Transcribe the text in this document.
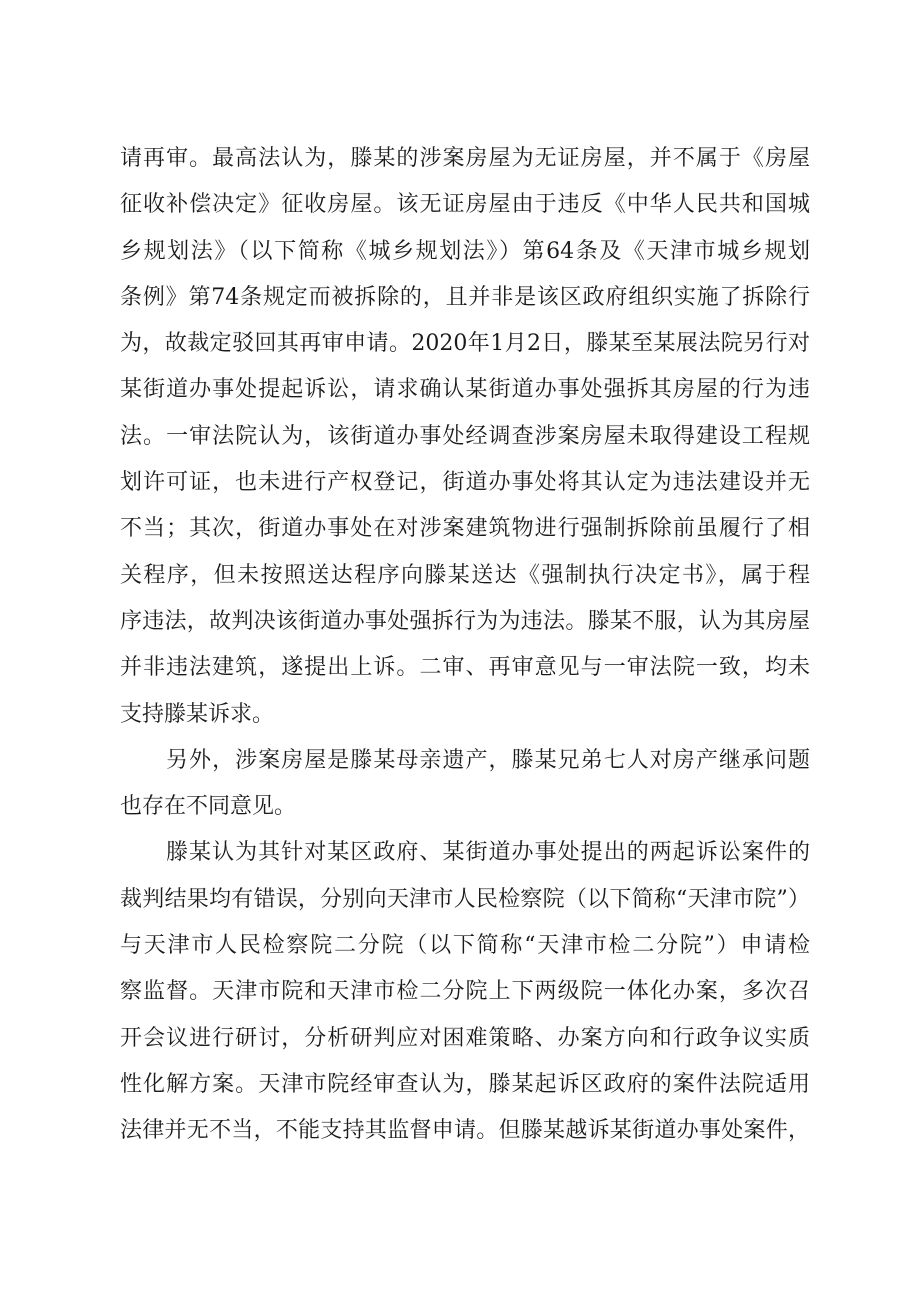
请再审。最高法认为，滕某的涉案房屋为无证房屋，并不属于《房屋
征收补偿决定》征收房屋。该无证房屋由于违反《中华人民共和国城
乡规划法》（以下简称《城乡规划法》）第64条及《天津市城乡规划
条例》第74条规定而被拆除的，且并非是该区政府组织实施了拆除行
为，故裁定驳回其再审申请。2020年1月2日，滕某至某展法院另行对
某街道办事处提起诉讼，请求确认某街道办事处强拆其房屋的行为违
法。一审法院认为，该街道办事处经调查涉案房屋未取得建设工程规
划许可证，也未进行产权登记，街道办事处将其认定为违法建设并无
不当；其次，街道办事处在对涉案建筑物进行强制拆除前虽履行了相
关程序，但未按照送达程序向滕某送达《强制执行决定书》，属于程
序违法，故判决该街道办事处强拆行为为违法。滕某不服，认为其房屋
并非违法建筑，遂提出上诉。二审、再审意见与一审法院一致，均未
支持滕某诉求。
另外，涉案房屋是滕某母亲遗产，滕某兄弟七人对房产继承问题
也存在不同意见。
滕某认为其针对某区政府、某街道办事处提出的两起诉讼案件的
裁判结果均有错误，分别向天津市人民检察院（以下简称“天津市院”）
与天津市人民检察院二分院（以下简称“天津市检二分院”）申请检
察监督。天津市院和天津市检二分院上下两级院一体化办案，多次召
开会议进行研讨，分析研判应对困难策略、办案方向和行政争议实质
性化解方案。天津市院经审查认为，滕某起诉区政府的案件法院适用
法律并无不当，不能支持其监督申请。但滕某越诉某街道办事处案件，
